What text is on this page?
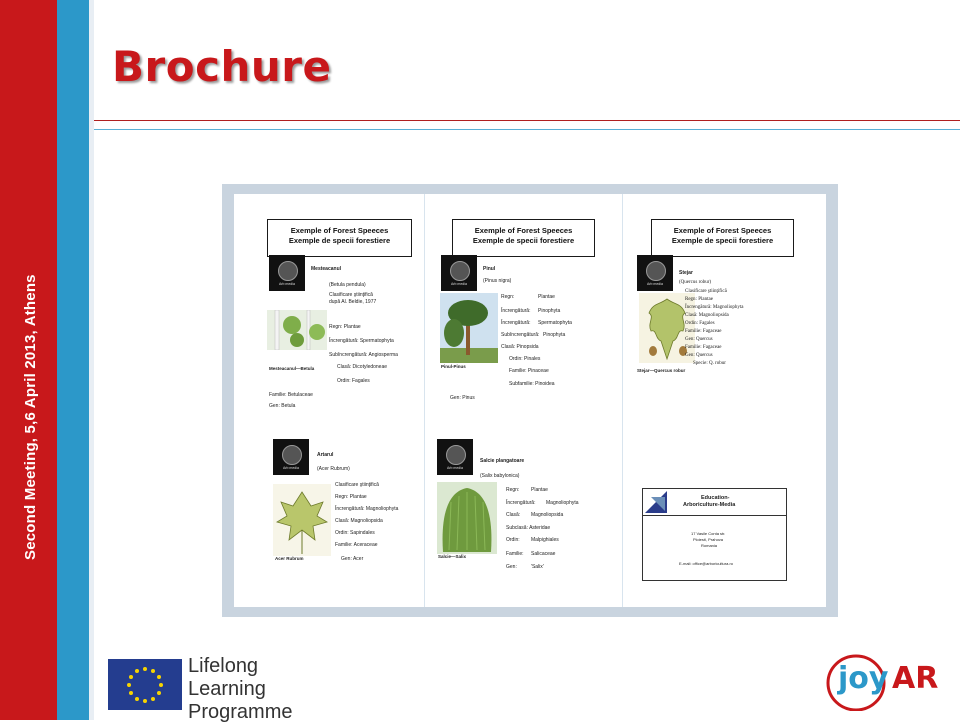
Second Meeting, 5,6 April 2013, Athens
Brochure
Exemple of Forest Speeces
Exemple de specii forestiere
Arb media
Mesteacanul
(Betula pendula)
Clasificare ştiinţifică
după Al. Beldie, 1977
Regn: Plantae
Încrengătură: Spermatophyta
Subîncrengătură: Angiosperma
Mesteacanul—Betula	Clasă: Dicotyledoneae
Ordin: Fagales
Familie: Betulaceae
Gen: Betula
Arb media
Artarul
(Acer Rubrum)
Clasificare ştiinţifică
Regn: Plantae
Încrengătură: Magnoliophyta
Clasă: Magnoliopsida
Ordin: Sapindales
Familie: Aceraceae
Acer Rubrum	Gen: Acer
Exemple of Forest Speeces
Exemple de specii forestiere
Arb media
Pinul
(Pinus nigra)
Regn:	Plantae
Încrengătură: Pinophyta
Încrengătură: Spermatophyta
Subîncrengătură: Pinophyta
Clasă: Pinopsida
Pinul-Pinus
Ordin: Pinales
Familie: Pinaceae
Subfamilie: Pinoidea
Gen: Pinus
Arb media
Salcie plangatoare
(Salix babylonica)
Regn: Plantae
Încrengătură: Magnoliophyta
Clasă: Magnoliopsida
Subclasă: Asteridae
Ordin: Malpighiales
Salcie—Salix	Familie: Salicaceae
Gen:	'Salix'
Exemple of Forest Speeces
Exemple de specii forestiere
Arb media
Stejar
(Quercus robur)
Clasificare ştiinţifică
Regn: Plantae
Încrengătură: Magnoliophyta
Clasă: Magnoliopsida
Ordin: Fagales
Familie: Fagaceae
Gen: Quercus
Familie: Fagaceae
Gen: Quercus
Specie: Q. robur
Stejar—Quercus robur
Education-
Arboriculture-Media
17 Vasile Conta str.
Ploiesti, Prahova
Romania
E-mail: office@arboricultura.ro
Lifelong
Learning
Programme
joy AR
